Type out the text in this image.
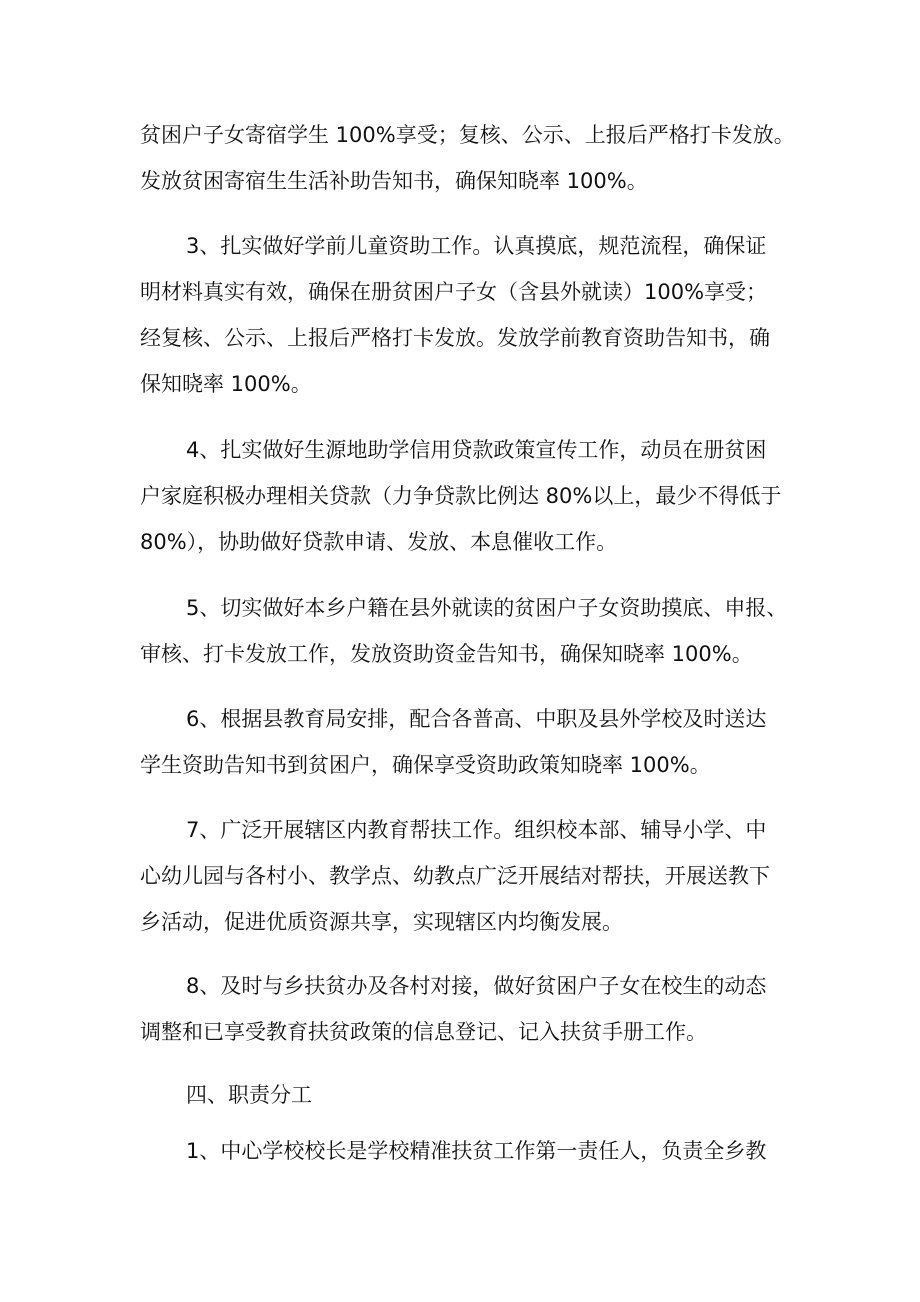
贫困户子女寄宿学生 100%享受；复核、公示、上报后严格打卡发放。
发放贫困寄宿生生活补助告知书，确保知晓率 100%。

3、扎实做好学前儿童资助工作。认真摸底，规范流程，确保证
明材料真实有效，确保在册贫困户子女（含县外就读）100%享受；
经复核、公示、上报后严格打卡发放。发放学前教育资助告知书，确
保知晓率 100%。

4、扎实做好生源地助学信用贷款政策宣传工作，动员在册贫困
户家庭积极办理相关贷款（力争贷款比例达 80%以上，最少不得低于
80%），协助做好贷款申请、发放、本息催收工作。

5、切实做好本乡户籍在县外就读的贫困户子女资助摸底、申报、
审核、打卡发放工作，发放资助资金告知书，确保知晓率 100%。

6、根据县教育局安排，配合各普高、中职及县外学校及时送达
学生资助告知书到贫困户，确保享受资助政策知晓率 100%。

7、广泛开展辖区内教育帮扶工作。组织校本部、辅导小学、中
心幼儿园与各村小、教学点、幼教点广泛开展结对帮扶，开展送教下
乡活动，促进优质资源共享，实现辖区内均衡发展。

8、及时与乡扶贫办及各村对接，做好贫困户子女在校生的动态
调整和已享受教育扶贫政策的信息登记、记入扶贫手册工作。

四、职责分工

1、中心学校校长是学校精准扶贫工作第一责任人，负责全乡教
